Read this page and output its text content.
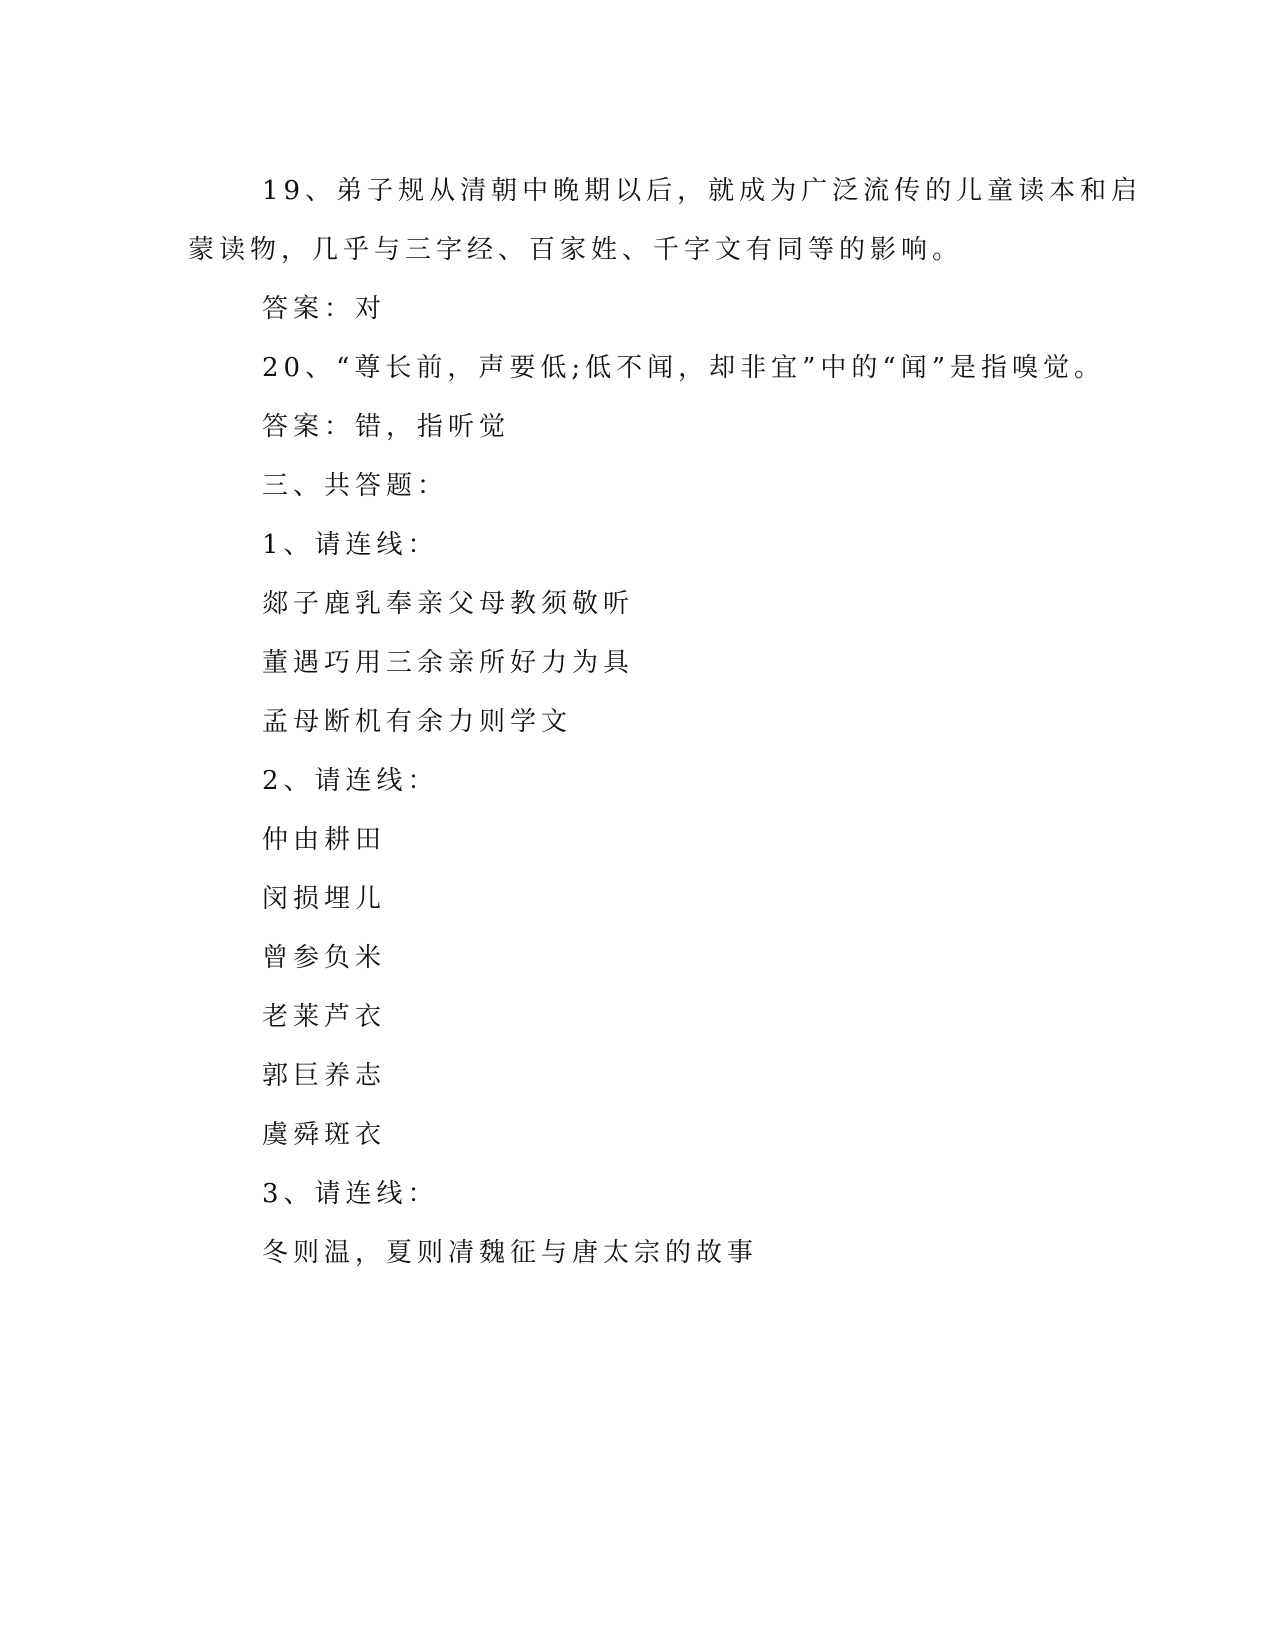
19、弟子规从清朝中晚期以后，就成为广泛流传的儿童读本和启
蒙读物，几乎与三字经、百家姓、千字文有同等的影响。
答案：对
20、“尊长前，声要低;低不闻，却非宜”中的“闻”是指嗅觉。
答案：错，指听觉
三、共答题：
1、请连线：
郯子鹿乳奉亲父母教须敬听
董遇巧用三余亲所好力为具
孟母断机有余力则学文
2、请连线：
仲由耕田
闵损埋儿
曾参负米
老莱芦衣
郭巨养志
虞舜斑衣
3、请连线：
冬则温，夏则凊魏征与唐太宗的故事
